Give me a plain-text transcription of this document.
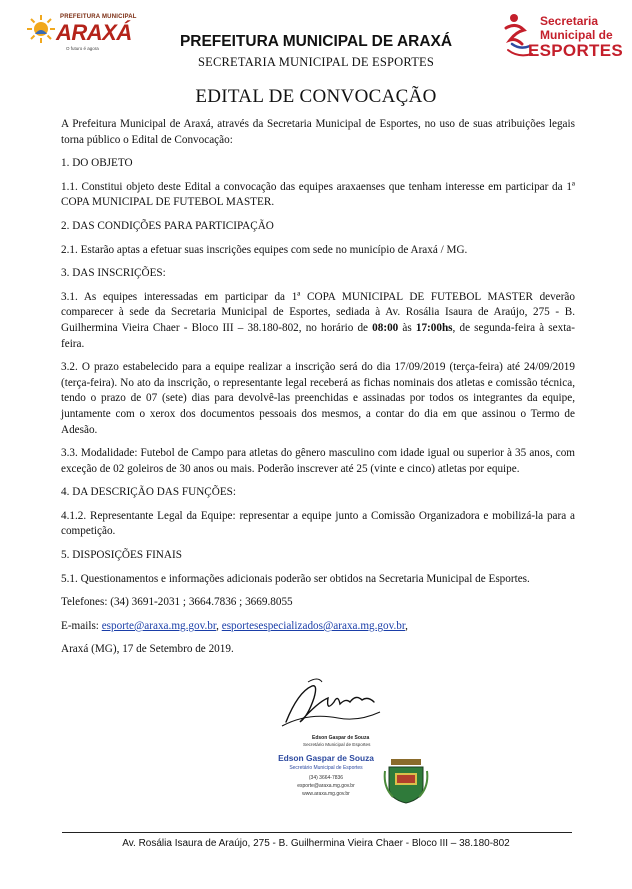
PREFEITURA MUNICIPAL
ARAXÁ
O futuro é agora	PREFEITURA MUNICIPAL DE ARAXÁ
SECRETARIA MUNICIPAL DE ESPORTES
Secretaria
Municipal de
ESPORTES
EDITAL DE CONVOCAÇÃO

A Prefeitura Municipal de Araxá, através da Secretaria Municipal de Esportes, no uso de suas atribuições legais torna público o Edital de Convocação:

1. DO OBJETO

1.1. Constitui objeto deste Edital a convocação das equipes araxaenses que tenham interesse em participar da 1ª COPA MUNICIPAL DE FUTEBOL MASTER.

2. DAS CONDIÇÕES PARA PARTICIPAÇÃO

2.1. Estarão aptas a efetuar suas inscrições equipes com sede no município de Araxá / MG.

3. DAS INSCRIÇÕES:

3.1. As equipes interessadas em participar da 1ª COPA MUNICIPAL DE FUTEBOL MASTER deverão comparecer à sede da Secretaria Municipal de Esportes, sediada à Av. Rosália Isaura de Araújo, 275 - B. Guilhermina Vieira Chaer - Bloco III – 38.180-802, no horário de 08:00 às 17:00hs, de segunda-feira à sexta-feira.

3.2. O prazo estabelecido para a equipe realizar a inscrição será do dia 17/09/2019 (terça-feira) até 24/09/2019 (terça-feira). No ato da inscrição, o representante legal receberá as fichas nominais dos atletas e comissão técnica, tendo o prazo de 07 (sete) dias para devolvê-las preenchidas e assinadas por todos os integrantes da equipe, juntamente com o xerox dos documentos pessoais dos mesmos, a contar do dia em que assinou o Termo de Adesão.

3.3. Modalidade: Futebol de Campo para atletas do gênero masculino com idade igual ou superior à 35 anos, com exceção de 02 goleiros de 30 anos ou mais. Poderão inscrever até 25 (vinte e cinco) atletas por equipe.

4. DA DESCRIÇÃO DAS FUNÇÕES:

4.1.2. Representante Legal da Equipe: representar a equipe junto a Comissão Organizadora e mobilizá-la para a competição.

5. DISPOSIÇÕES FINAIS

5.1. Questionamentos e informações adicionais poderão ser obtidos na Secretaria Municipal de Esportes.

Telefones: (34) 3691-2031 ; 3664.7836 ; 3669.8055

E-mails: esporte@araxa.mg.gov.br, esportesespecializados@araxa.mg.gov.br,

Araxá (MG), 17 de Setembro de 2019.

Edson Gaspar de Souza
Secretário Municipal de Esportes
Edson Gaspar de Souza
Secretário Municipal de Esportes
(34) 3664-7836
esporte@araxa.mg.gov.br
www.araxa.mg.gov.br
Av. Rosália Isaura de Araújo, 275 - B. Guilhermina Vieira Chaer - Bloco III – 38.180-802
